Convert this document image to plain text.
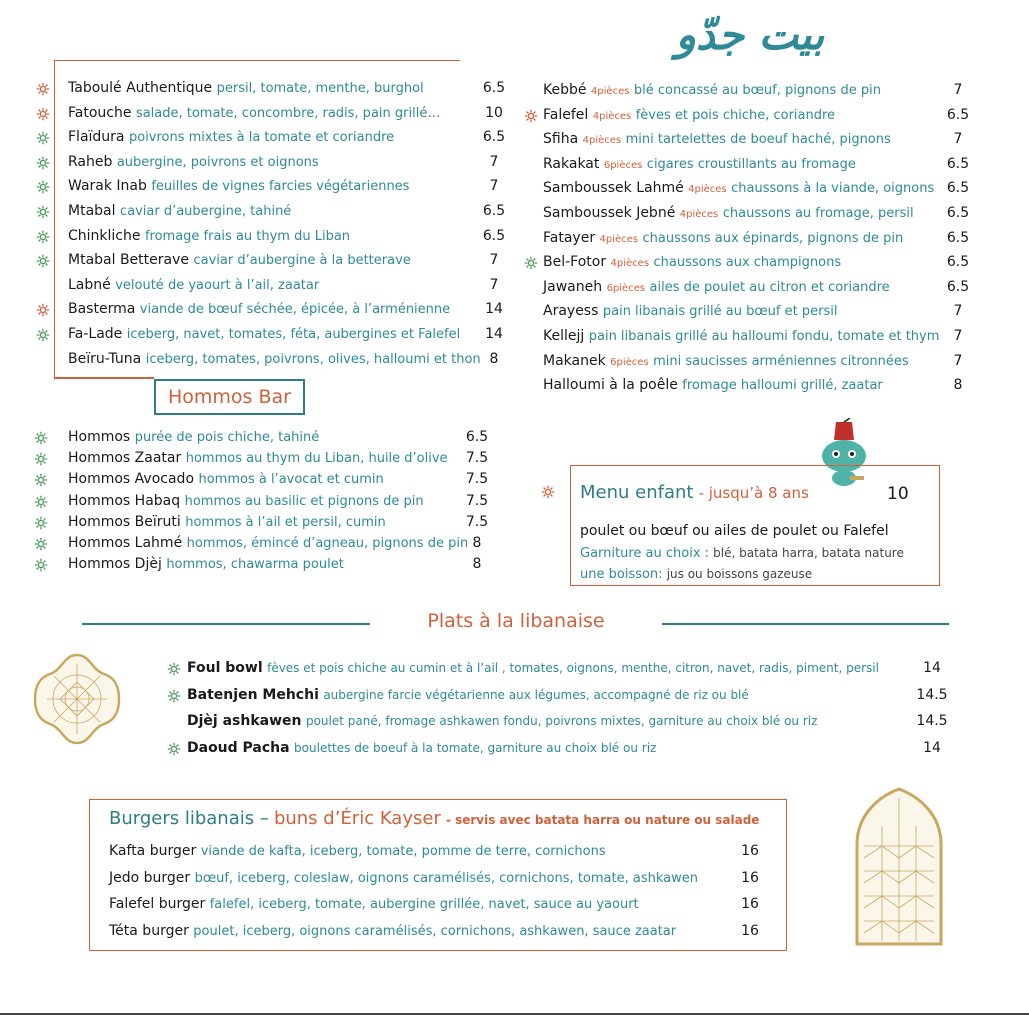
بيت جدّو
Taboulé Authentique persil, tomate, menthe, burghol	6.5
Fatouche salade, tomate, concombre, radis, pain grillé…	10
Flaïdura poivrons mixtes à la tomate et coriandre	6.5
Raheb aubergine, poivrons et oignons	7
Warak Inab feuilles de vignes farcies végétariennes	7
Mtabal caviar d’aubergine, tahiné	6.5
Chinkliche fromage frais au thym du Liban	6.5
Mtabal Betterave caviar d’aubergine à la betterave	7
Labné velouté de yaourt à l’ail, zaatar	7
Basterma viande de bœuf séchée, épicée, à l’arménienne	14
Fa-Lade iceberg, navet, tomates, féta, aubergines et Falefel	14
Beïru-Tuna iceberg, tomates, poivrons, olives, halloumi et thon 8
Kebbé 4pièces blé concassé au bœuf, pignons de pin	7
Falefel 4pièces fèves et pois chiche, coriandre	6.5
Sfiha 4pièces mini tartelettes de boeuf haché, pignons	7
Rakakat 6pièces cigares croustillants au fromage	6.5
Samboussek Lahmé 4pièces chaussons à la viande, oignons 6.5
Samboussek Jebné 4pièces chaussons au fromage, persil	6.5
Fatayer 4pièces chaussons aux épinards, pignons de pin	6.5
Bel-Fotor 4pièces chaussons aux champignons	6.5
Jawaneh 6pièces ailes de poulet au citron et coriandre	6.5
Arayess pain libanais grillé au bœuf et persil	7
Kellejj pain libanais grillé au halloumi fondu, tomate et thym	7
Makanek 6pièces mini saucisses arméniennes citronnées	7
Halloumi à la poêle fromage halloumi grillé, zaatar	8
Hommos Bar
Hommos purée de pois chiche, tahiné	6.5
Hommos Zaatar hommos au thym du Liban, huile d’olive	7.5
Hommos Avocado hommos à l’avocat et cumin	7.5
Hommos Habaq hommos au basilic et pignons de pin	7.5
Hommos Beïruti hommos à l’ail et persil, cumin	7.5
Hommos Lahmé hommos, émincé d’agneau, pignons de pin 8
Hommos Djèj hommos, chawarma poulet	8
Menu enfant - jusqu’à 8 ans	10
poulet ou bœuf ou ailes de poulet ou Falefel
Garniture au choix : blé, batata harra, batata nature
une boisson: jus ou boissons gazeuse
Plats à la libanaise
Foul bowl fèves et pois chiche au cumin et à l’ail , tomates, oignons, menthe, citron, navet, radis, piment, persil	14
Batenjen Mehchi aubergine farcie végétarienne aux légumes, accompagné de riz ou blé	14.5
Djèj ashkawen poulet pané, fromage ashkawen fondu, poivrons mixtes, garniture au choix blé ou riz	14.5
Daoud Pacha boulettes de boeuf à la tomate, garniture au choix blé ou riz	14
Burgers libanais – buns d’Éric Kayser - servis avec batata harra ou nature ou salade
Kafta burger viande de kafta, iceberg, tomate, pomme de terre, cornichons	16
Jedo burger bœuf, iceberg, coleslaw, oignons caramélisés, cornichons, tomate, ashkawen	16
Falefel burger falefel, iceberg, tomate, aubergine grillée, navet, sauce au yaourt	16
Téta burger poulet, iceberg, oignons caramélisés, cornichons, ashkawen, sauce zaatar	16
